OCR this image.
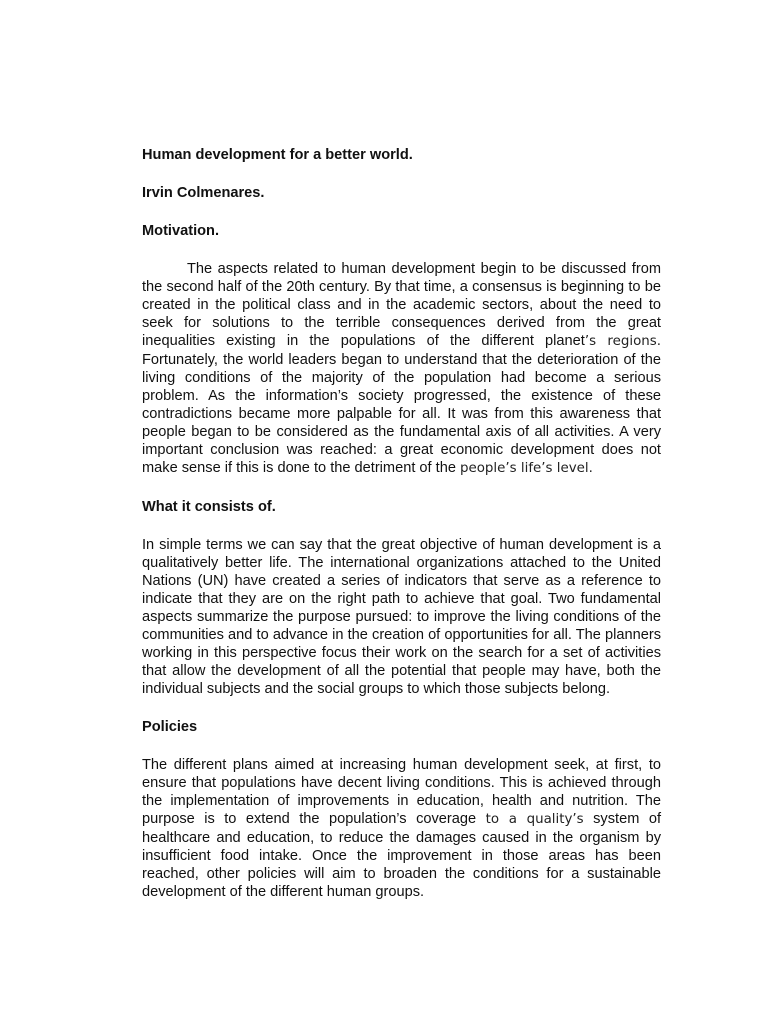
Human development for a better world.

Irvin Colmenares.

Motivation.

The aspects related to human development begin to be discussed from the second half of the 20th century. By that time, a consensus is beginning to be created in the political class and in the academic sectors, about the need to seek for solutions to the terrible consequences derived from the great inequalities existing in the populations of the different planet’s regions. Fortunately, the world leaders began to understand that the deterioration of the living conditions of the majority of the population had become a serious problem. As the information’s society progressed, the existence of these contradictions became more palpable for all. It was from this awareness that people began to be considered as the fundamental axis of all activities. A very important conclusion was reached: a great economic development does not make sense if this is done to the detriment of the people’s life’s level.

What it consists of.

In simple terms we can say that the great objective of human development is a qualitatively better life. The international organizations attached to the United Nations (UN) have created a series of indicators that serve as a reference to indicate that they are on the right path to achieve that goal. Two fundamental aspects summarize the purpose pursued: to improve the living conditions of the communities and to advance in the creation of opportunities for all. The planners working in this perspective focus their work on the search for a set of activities that allow the development of all the potential that people may have, both the individual subjects and the social groups to which those subjects belong.

Policies

The different plans aimed at increasing human development seek, at first, to ensure that populations have decent living conditions. This is achieved through the implementation of improvements in education, health and nutrition. The purpose is to extend the population’s coverage to a quality’s system of healthcare and education, to reduce the damages caused in the organism by insufficient food intake. Once the improvement in those areas has been reached, other policies will aim to broaden the conditions for a sustainable development of the different human groups.
